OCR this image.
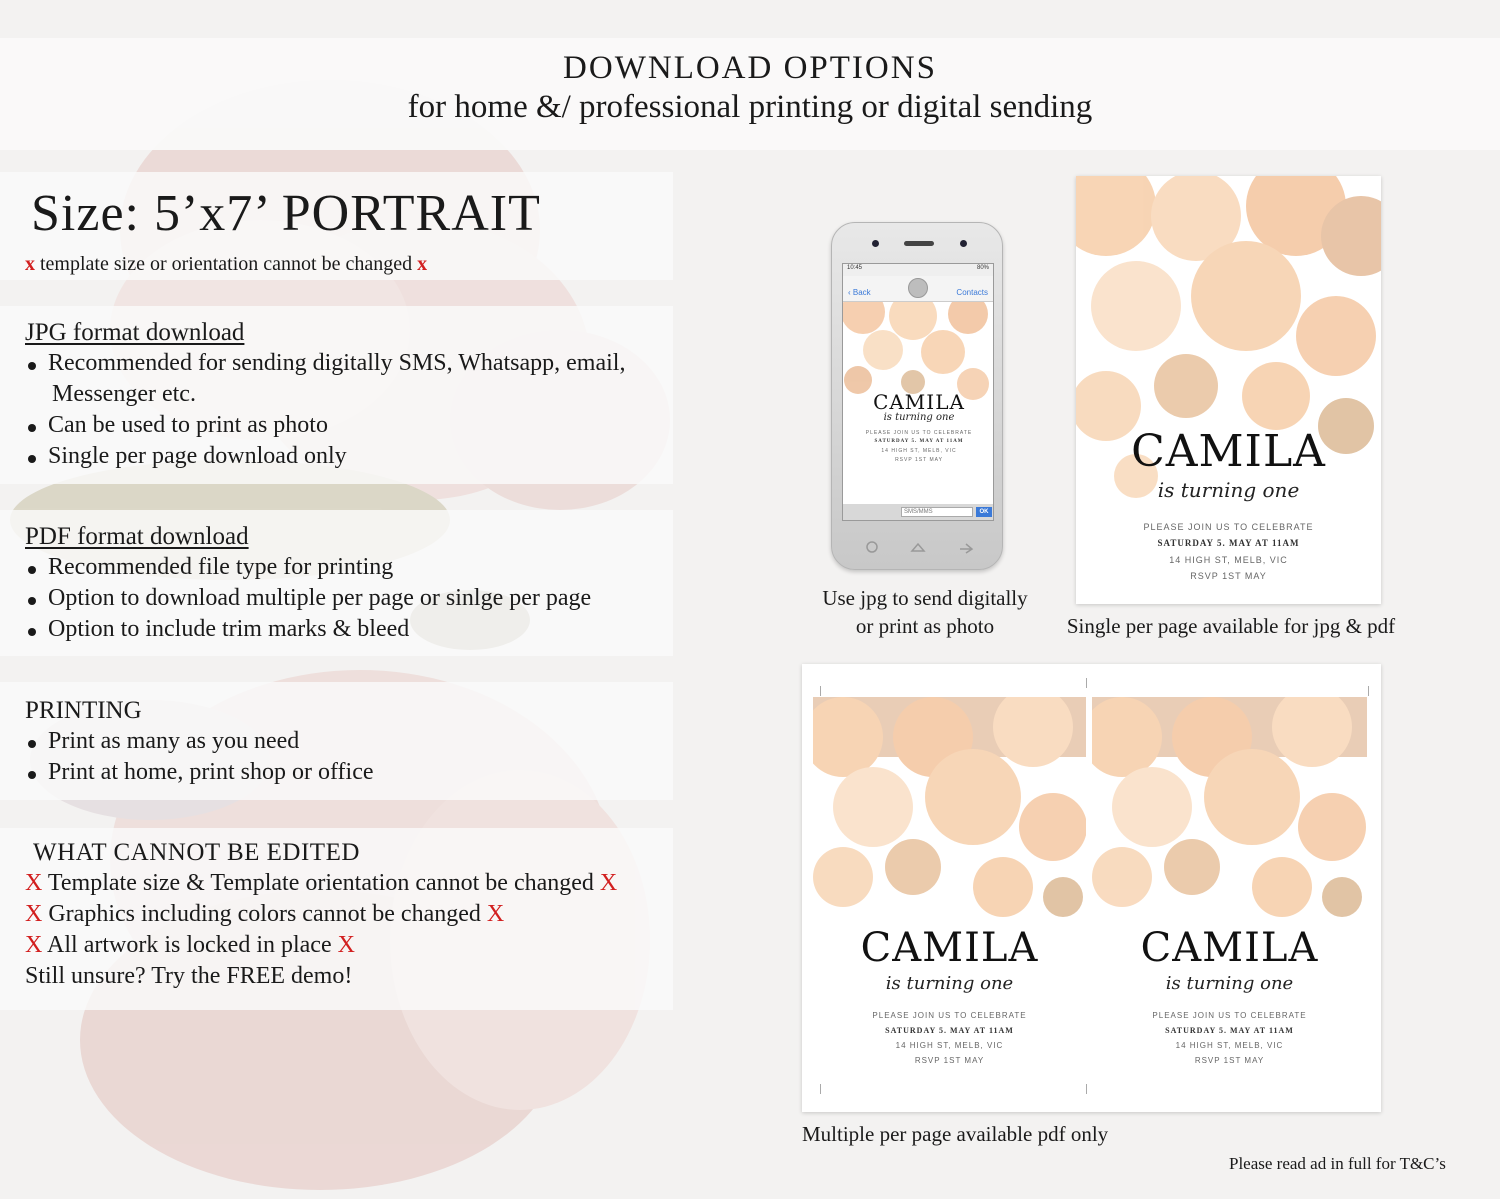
DOWNLOAD OPTIONS
for home &/ professional printing or digital sending
Size: 5’x7’ PORTRAIT
x template size or orientation cannot be changed x
JPG format download
Recommended for sending digitally SMS, Whatsapp, email,
Messenger etc.
Can be used to print as photo
Single per page download only
PDF format download
Recommended file type for printing
Option to download multiple per page or sinlge per page
Option to include trim marks & bleed
PRINTING
Print as many as you need
Print at home, print shop or office
WHAT CANNOT BE EDITED
X Template size & Template orientation cannot be changed X
X Graphics including colors cannot be changed X
X All artwork is locked in place X
Still unsure? Try the FREE demo!
10:45	80%
‹ Back	Contacts
CAMILA
is turning one
PLEASE JOIN US TO CELEBRATE
SATURDAY 5. MAY AT 11AM
14 HIGH ST, MELB, VIC
RSVP 1ST MAY
SMS/MMS	OK
Use jpg to send digitally
or print as photo
CAMILA
is turning one
PLEASE JOIN US TO CELEBRATE
SATURDAY 5. MAY AT 11AM
14 HIGH ST, MELB, VIC
RSVP 1ST MAY
Single per page available for jpg & pdf
CAMILA
is turning one
PLEASE JOIN US TO CELEBRATE
SATURDAY 5. MAY AT 11AM
14 HIGH ST, MELB, VIC
RSVP 1ST MAY
CAMILA
is turning one
PLEASE JOIN US TO CELEBRATE
SATURDAY 5. MAY AT 11AM
14 HIGH ST, MELB, VIC
RSVP 1ST MAY
Multiple per page available pdf only
Please read ad in full for T&C’s
